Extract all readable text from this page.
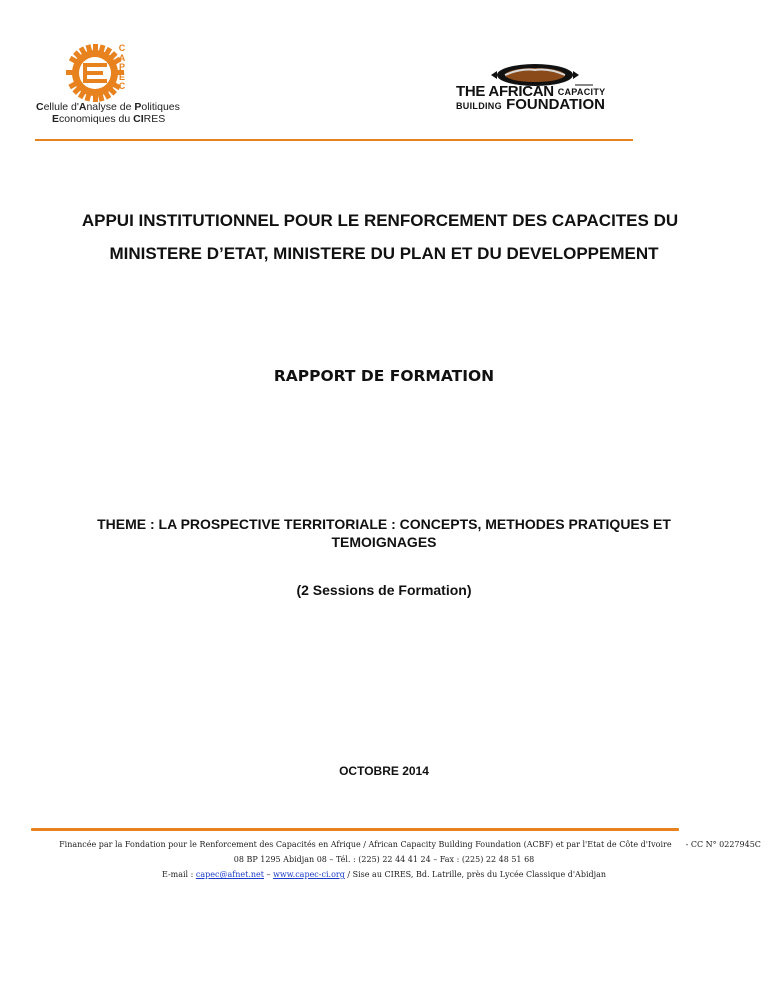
C
A
P
E
C
Cellule d'Analyse de Politiques
Economiques du CIRES
THE AFRICAN CAPACITY
BUILDING FOUNDATION
APPUI INSTITUTIONNEL POUR LE RENFORCEMENT DES CAPACITES DU
MINISTERE D’ETAT, MINISTERE DU PLAN ET DU DEVELOPPEMENT
RAPPORT DE FORMATION
THEME : LA PROSPECTIVE TERRITORIALE : CONCEPTS, METHODES PRATIQUES ET
TEMOIGNAGES
(2 Sessions de Formation)
OCTOBRE 2014
Financée par la Fondation pour le Renforcement des Capacités en Afrique / African Capacity Building Foundation (ACBF) et par l'Etat de Côte d'Ivoire - CC N° 0227945C
08 BP 1295 Abidjan 08 – Tél. : (225) 22 44 41 24 – Fax : (225) 22 48 51 68
E-mail : capec@afnet.net – www.capec-ci.org / Sise au CIRES, Bd. Latrille, près du Lycée Classique d'Abidjan
